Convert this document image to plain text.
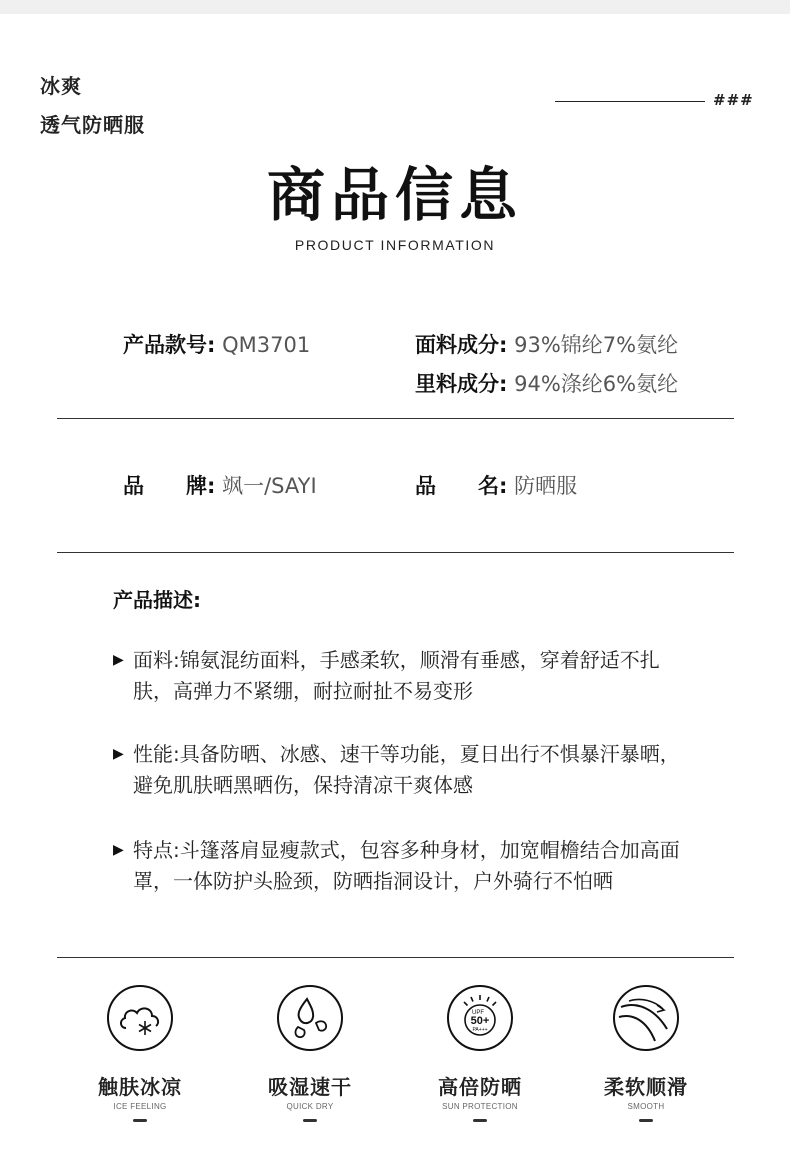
冰爽
透气防晒服
###
商品信息
PRODUCT INFORMATION
产品款号: QM3701	面料成分: 93%锦纶7%氨纶
里料成分: 94%涤纶6%氨纶
品　　牌: 飒一/SAYI	品　　名: 防晒服
产品描述:
▶ 面料:锦氨混纺面料，手感柔软，顺滑有垂感，穿着舒适不扎肤，高弹力不紧绷，耐拉耐扯不易变形
▶ 性能:具备防晒、冰感、速干等功能，夏日出行不惧暴汗暴晒，避免肌肤晒黑晒伤，保持清凉干爽体感
▶ 特点:斗篷落肩显瘦款式，包容多种身材，加宽帽檐结合加高面罩，一体防护头脸颈，防晒指洞设计，户外骑行不怕晒
触肤冰凉
ICE FEELING
吸湿速干
QUICK DRY
UPF
50+
PA+++
高倍防晒
SUN PROTECTION
柔软顺滑
SMOOTH
